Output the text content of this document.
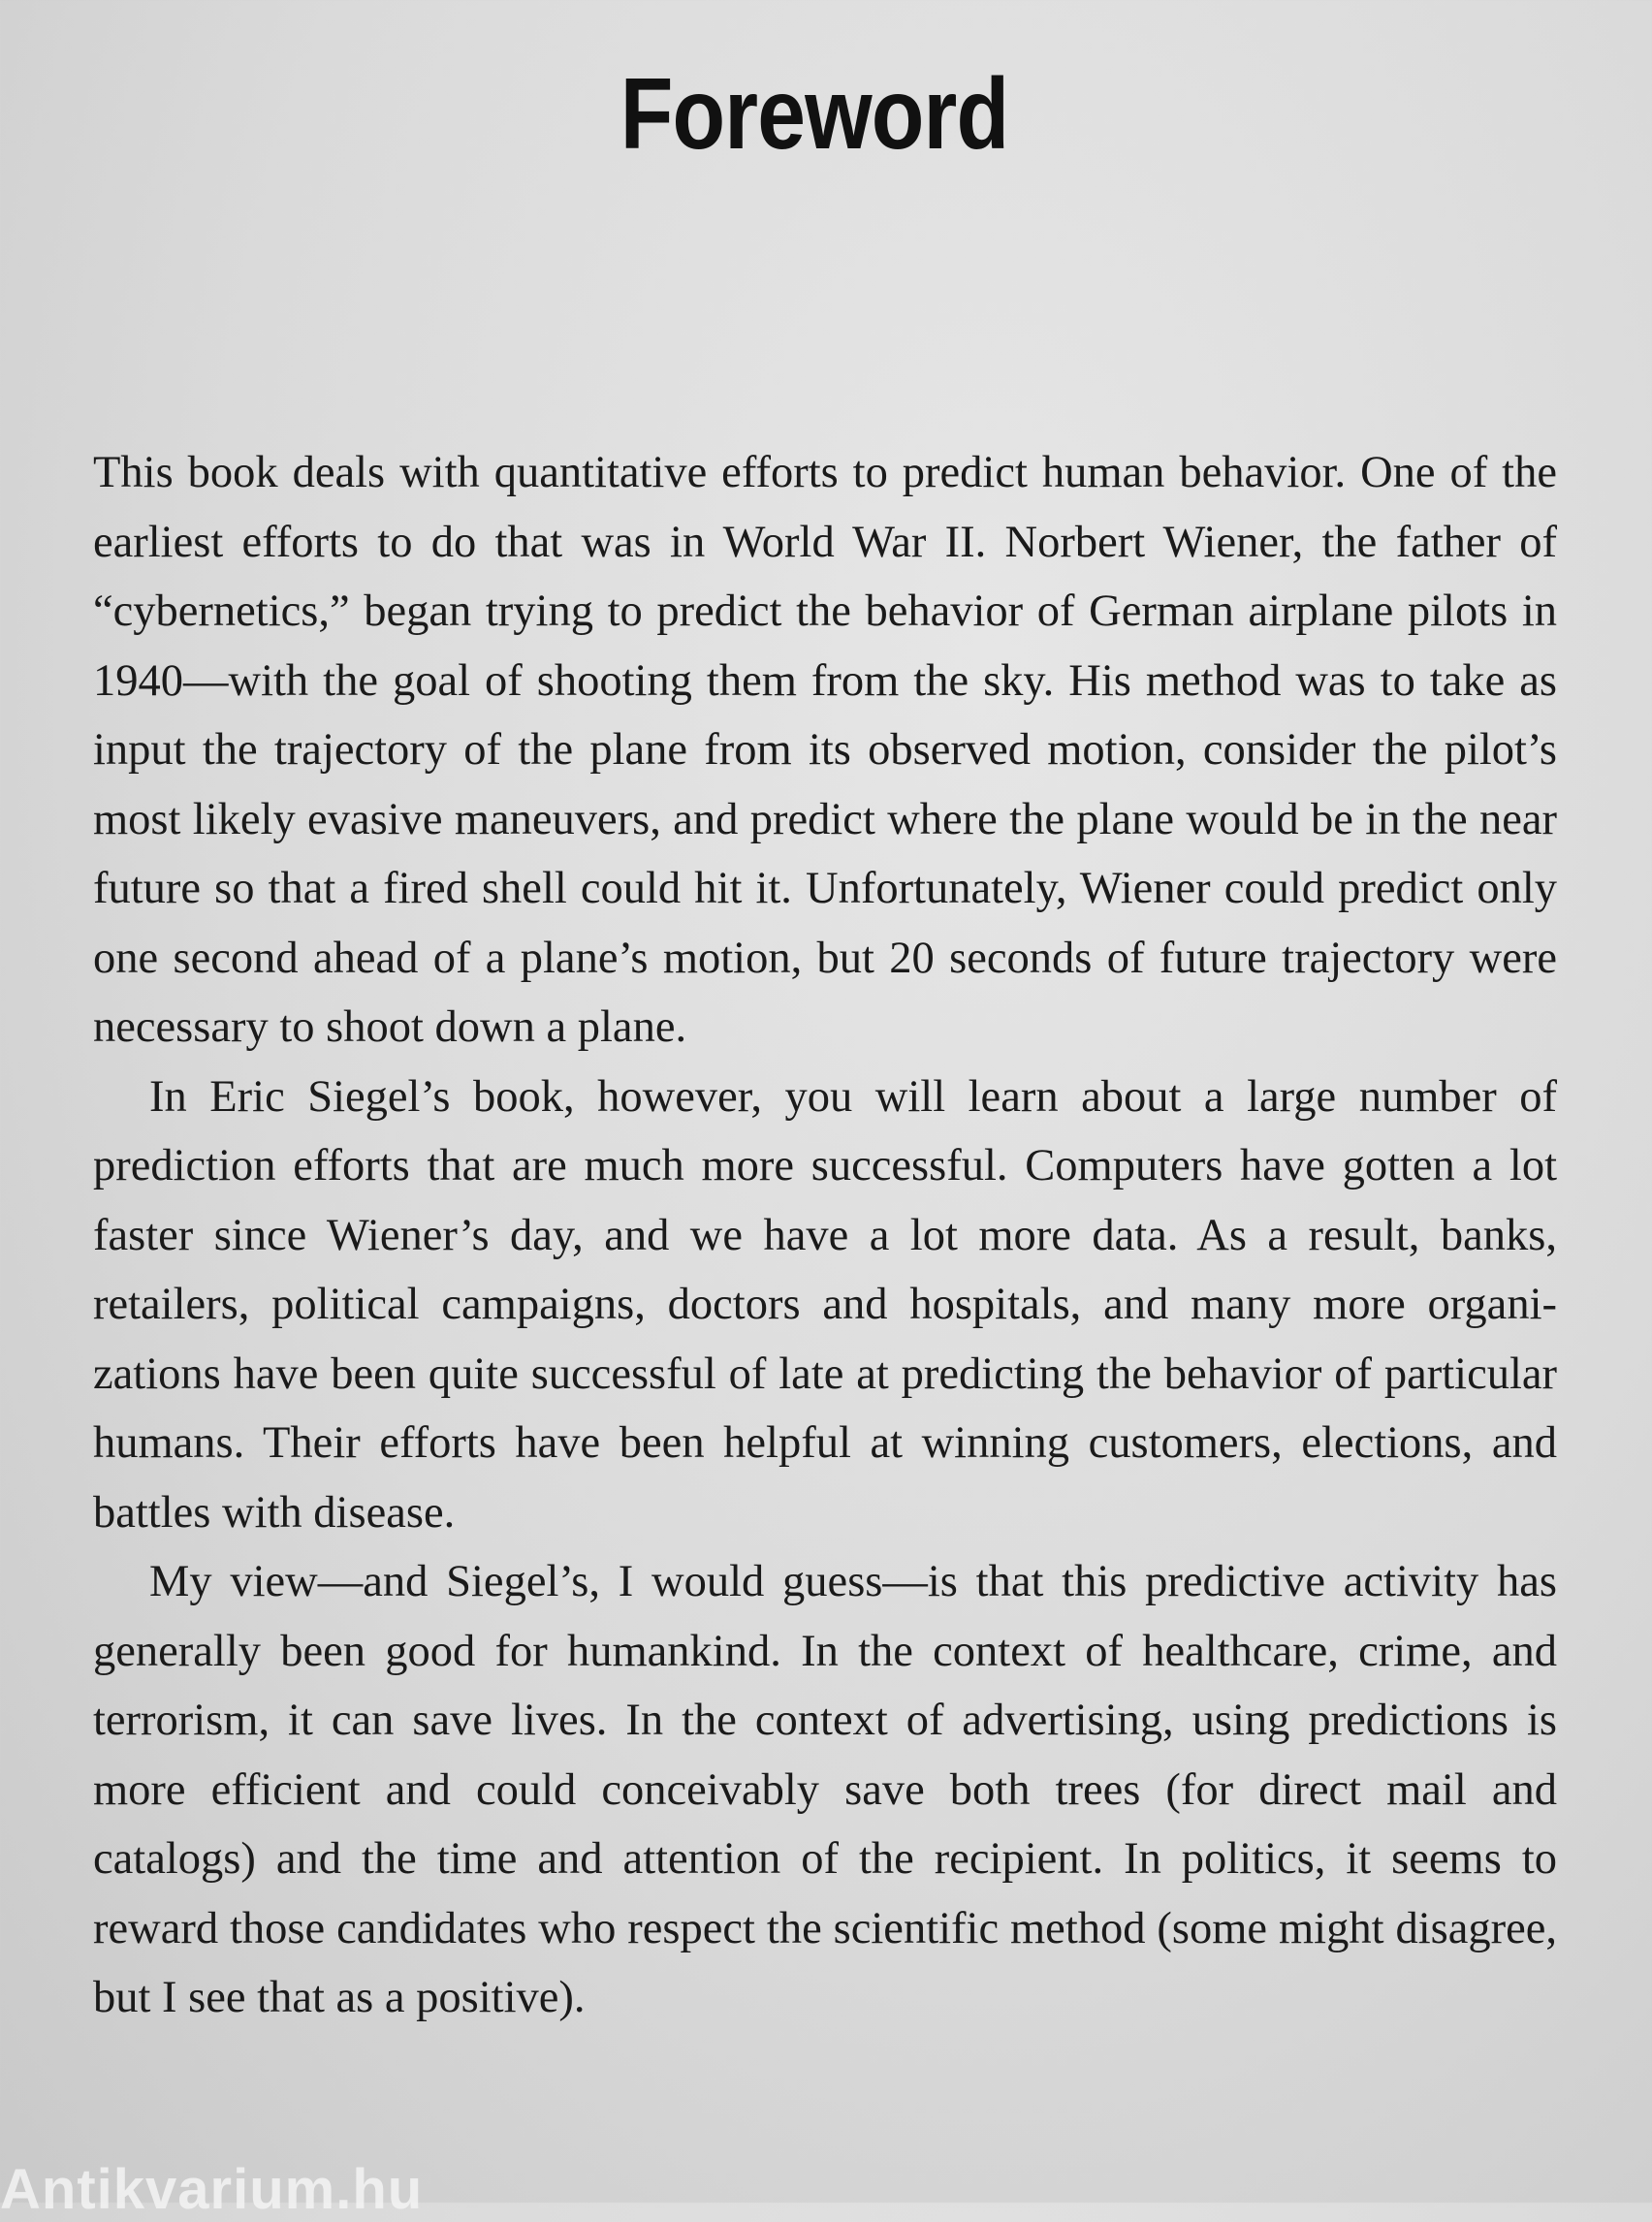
Foreword

This book deals with quantitative efforts to predict human behavior. One of the earliest efforts to do that was in World War II. Norbert Wiener, the father of “cybernetics,” began trying to predict the behavior of German airplane pilots in 1940—with the goal of shooting them from the sky. His method was to take as input the trajectory of the plane from its observed motion, consider the pilot’s most likely evasive maneuvers, and predict where the plane would be in the near future so that a fired shell could hit it. Unfortunately, Wiener could predict only one second ahead of a plane’s motion, but 20 seconds of future trajectory were necessary to shoot down a plane.

In Eric Siegel’s book, however, you will learn about a large number of prediction efforts that are much more successful. Computers have gotten a lot faster since Wiener’s day, and we have a lot more data. As a result, banks, retailers, political campaigns, doctors and hospitals, and many more organizations have been quite successful of late at predicting the behavior of particular humans. Their efforts have been helpful at winning customers, elections, and battles with disease.

My view—and Siegel’s, I would guess—is that this predictive activity has generally been good for humankind. In the context of healthcare, crime, and terrorism, it can save lives. In the context of advertising, using predictions is more efficient and could conceivably save both trees (for direct mail and catalogs) and the time and attention of the recipient. In politics, it seems to reward those candidates who respect the scientific method (some might disagree, but I see that as a positive).

Antikvarium.hu
